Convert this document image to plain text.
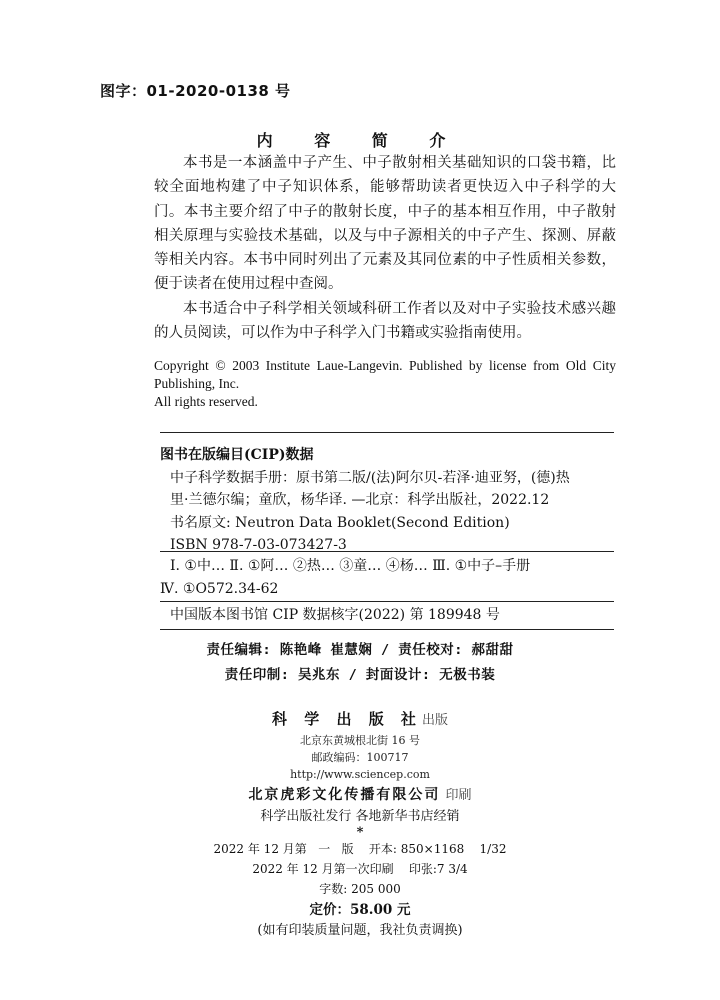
图字：01-2020-0138 号
内 容 简 介

本书是一本涵盖中子产生、中子散射相关基础知识的口袋书籍，比较全面地构建了中子知识体系，能够帮助读者更快迈入中子科学的大门。本书主要介绍了中子的散射长度，中子的基本相互作用，中子散射相关原理与实验技术基础，以及与中子源相关的中子产生、探测、屏蔽等相关内容。本书中同时列出了元素及其同位素的中子性质相关参数，便于读者在使用过程中查阅。

本书适合中子科学相关领域科研工作者以及对中子实验技术感兴趣的人员阅读，可以作为中子科学入门书籍或实验指南使用。

Copyright © 2003 Institute Laue-Langevin. Published by license from Old City Publishing, Inc.
All rights reserved.
图书在版编目(CIP)数据
中子科学数据手册：原书第二版/(法)阿尔贝-若泽·迪亚努，(德)热
里·兰德尔编；童欣，杨华译. —北京：科学出版社，2022.12
书名原文: Neutron Data Booklet(Second Edition)
ISBN 978-7-03-073427-3
Ⅰ. ①中… Ⅱ. ①阿… ②热… ③童… ④杨… Ⅲ. ①中子–手册
Ⅳ. ①O572.34-62
中国版本图书馆 CIP 数据核字(2022) 第 189948 号
责任编辑: 陈艳峰 崔慧娴 / 责任校对: 郝甜甜
责任印制: 吴兆东 / 封面设计: 无极书装
科 学 出 版 社出版
北京东黄城根北街 16 号
邮政编码：100717
http://www.sciencep.com
北京虎彩文化传播有限公司 印刷
科学出版社发行 各地新华书店经销
*
2022 年 12 月第   一   版    开本: 850×1168    1/32
2022 年 12 月第一次印刷    印张:7 3/4
字数: 205 000
定价：58.00 元
(如有印装质量问题，我社负责调换)
